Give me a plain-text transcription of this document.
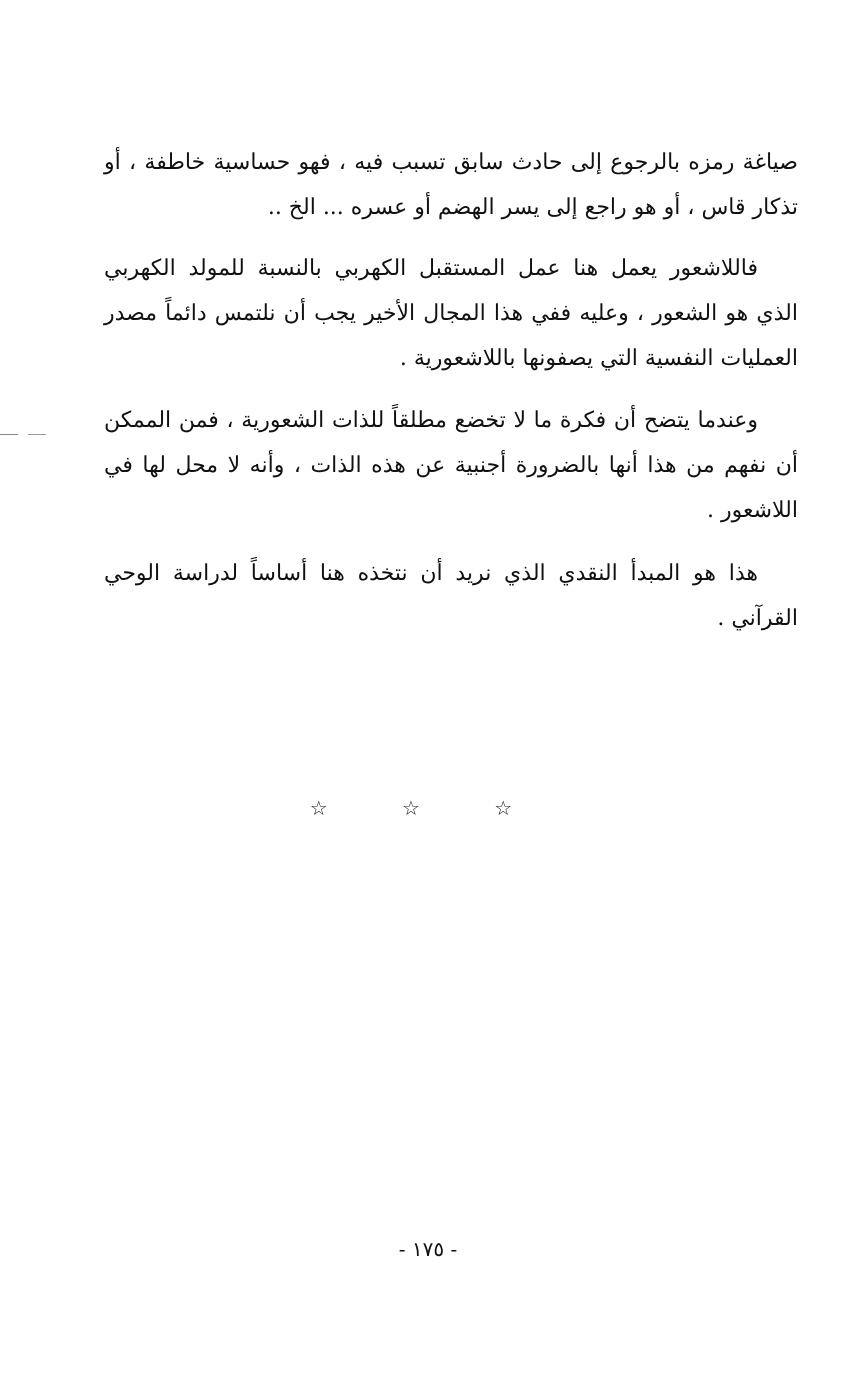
صياغة رمزه بالرجوع إلى حادث سابق تسبب فيه ، فهو حساسية خاطفة ، أو تذكار قاس ، أو هو راجع إلى يسر الهضم أو عسره ... الخ ..

فاللاشعور يعمل هنا عمل المستقبل الكهربي بالنسبة للمولد الكهربي الذي هو الشعور ، وعليه ففي هذا المجال الأخير يجب أن نلتمس دائماً مصدر العمليات النفسية التي يصفونها باللاشعورية .

وعندما يتضح أن فكرة ما لا تخضع مطلقاً للذات الشعورية ، فمن الممكن أن نفهم من هذا أنها بالضرورة أجنبية عن هذه الذات ، وأنه لا محل لها في اللاشعور .

هذا هو المبدأ النقدي الذي نريد أن نتخذه هنا أساساً لدراسة الوحي القرآني .

☆ ☆ ☆
- ١٧٥ -
